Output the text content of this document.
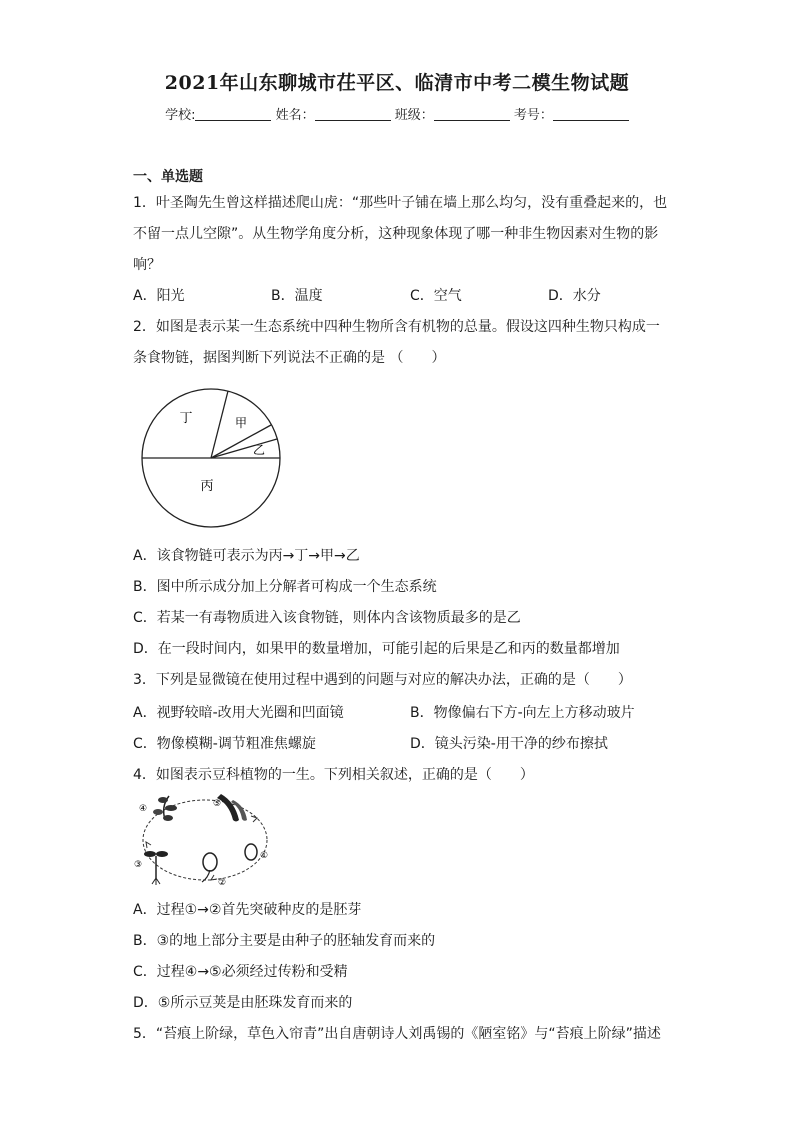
2021年山东聊城市茌平区、临清市中考二模生物试题
学校:	姓名：	班级：	考号：
一、单选题
1．叶圣陶先生曾这样描述爬山虎：“那些叶子铺在墙上那么均匀，没有重叠起来的，也
不留一点儿空隙”。从生物学角度分析，这种现象体现了哪一种非生物因素对生物的影
响？
A．阳光	B．温度	C．空气	D．水分
2．如图是表示某一生态系统中四种生物所含有机物的总量。假设这四种生物只构成一
条食物链，据图判断下列说法不正确的是 （　　）
丁	甲
乙
丙
A．该食物链可表示为丙→丁→甲→乙
B．图中所示成分加上分解者可构成一个生态系统
C．若某一有毒物质进入该食物链，则体内含该物质最多的是乙
D．在一段时间内，如果甲的数量增加，可能引起的后果是乙和丙的数量都增加
3．下列是显微镜在使用过程中遇到的问题与对应的解决办法，正确的是（　　）
A．视野较暗-改用大光圈和凹面镜	B．物像偏右下方-向左上方移动玻片
C．物像模糊-调节粗准焦螺旋	D．镜头污染-用干净的纱布擦拭
4．如图表示豆科植物的一生。下列相关叙述，正确的是（　　）
④	⑤
①
②
③
A．过程①→②首先突破种皮的是胚芽
B．③的地上部分主要是由种子的胚轴发育而来的
C．过程④→⑤必须经过传粉和受精
D．⑤所示豆荚是由胚珠发育而来的
5．“苔痕上阶绿，草色入帘青”出自唐朝诗人刘禹锡的《陋室铭》与“苔痕上阶绿”描述
